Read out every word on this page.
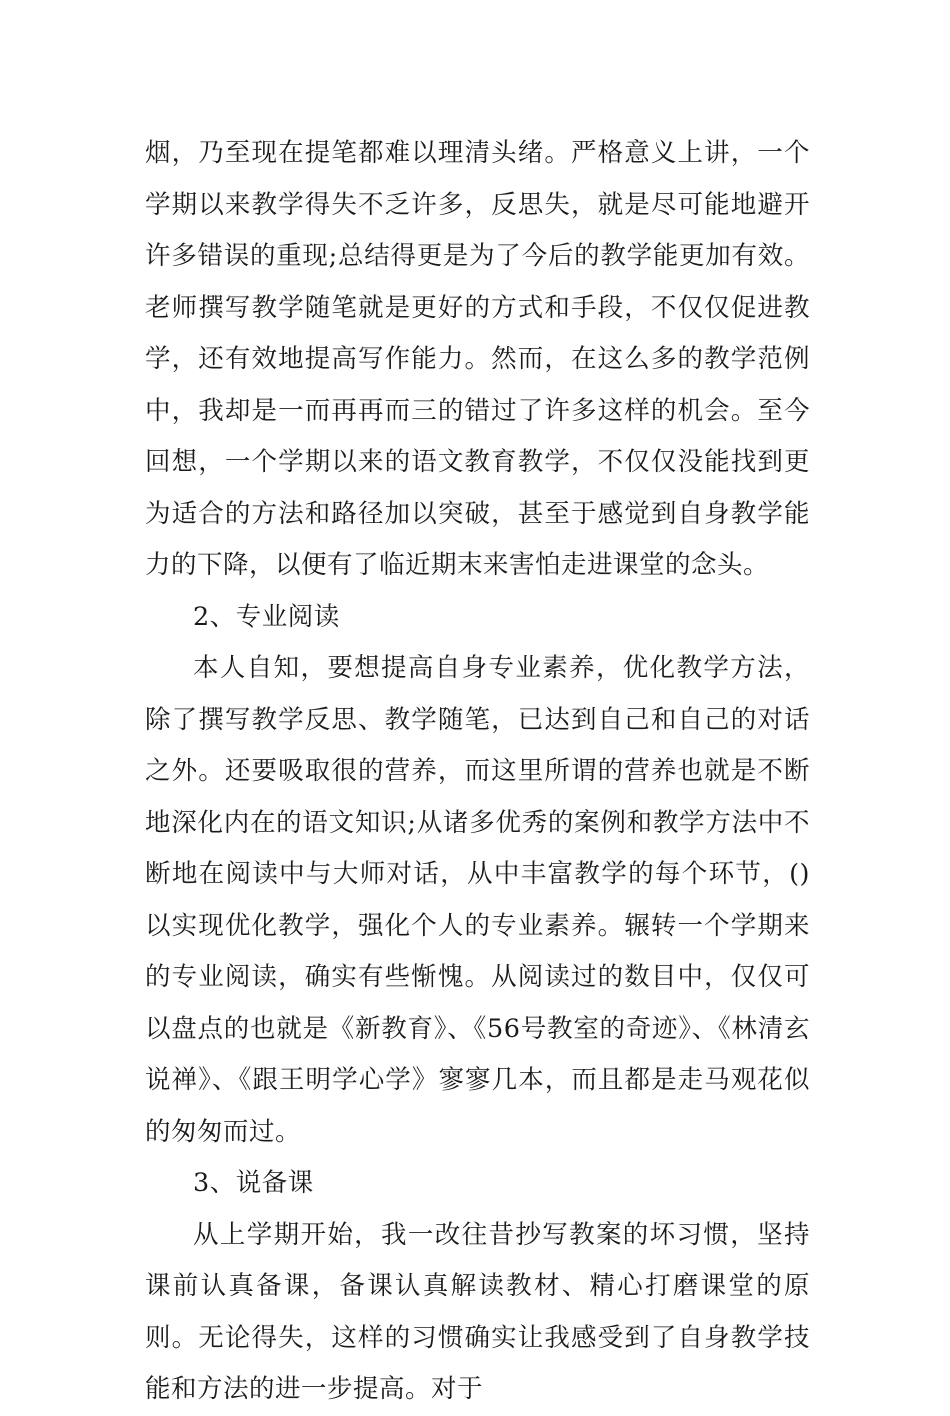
烟，乃至现在提笔都难以理清头绪。严格意义上讲，一个学期以来教学得失不乏许多，反思失，就是尽可能地避开许多错误的重现;总结得更是为了今后的教学能更加有效。老师撰写教学随笔就是更好的方式和手段，不仅仅促进教学，还有效地提高写作能力。然而，在这么多的教学范例中，我却是一而再再而三的错过了许多这样的机会。至今回想，一个学期以来的语文教育教学，不仅仅没能找到更为适合的方法和路径加以突破，甚至于感觉到自身教学能力的下降，以便有了临近期末来害怕走进课堂的念头。

2、专业阅读

本人自知，要想提高自身专业素养，优化教学方法，除了撰写教学反思、教学随笔，已达到自己和自己的对话之外。还要吸取很的营养，而这里所谓的营养也就是不断地深化内在的语文知识;从诸多优秀的案例和教学方法中不断地在阅读中与大师对话，从中丰富教学的每个环节，()以实现优化教学，强化个人的专业素养。辗转一个学期来的专业阅读，确实有些惭愧。从阅读过的数目中，仅仅可以盘点的也就是《新教育》、《56号教室的奇迹》、《林清玄说禅》、《跟王明学心学》寥寥几本，而且都是走马观花似的匆匆而过。

3、说备课

从上学期开始，我一改往昔抄写教案的坏习惯，坚持课前认真备课，备课认真解读教材、精心打磨课堂的原则。无论得失，这样的习惯确实让我感受到了自身教学技能和方法的进一步提高。对于
